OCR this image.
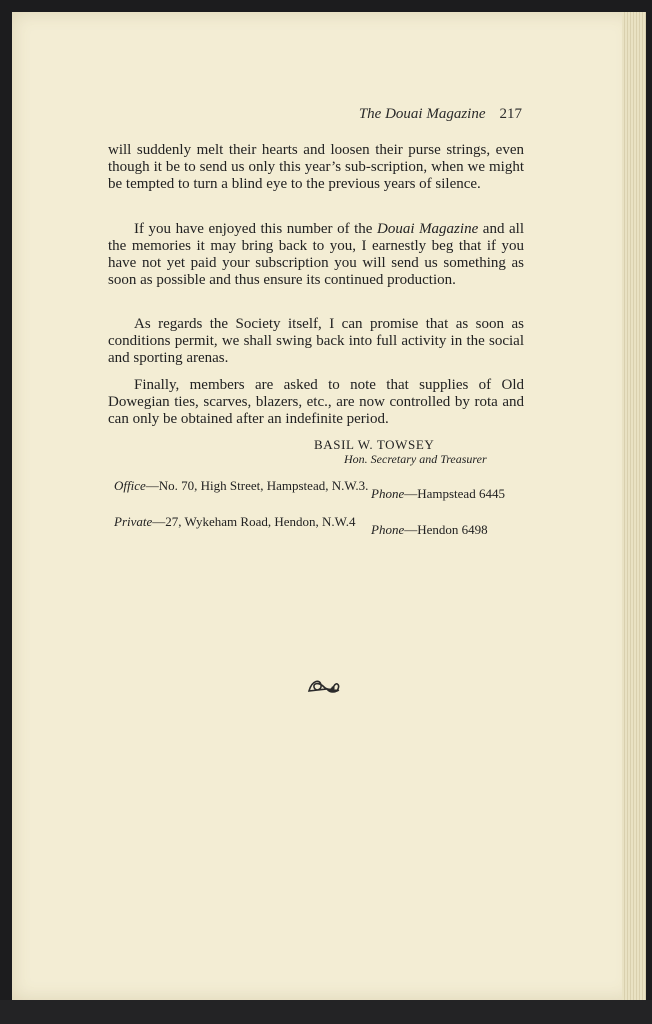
The Douai Magazine 217
will suddenly melt their hearts and loosen their purse strings, even though it be to send us only this year’s sub-scription, when we might be tempted to turn a blind eye to the previous years of silence.
If you have enjoyed this number of the Douai Magazine and all the memories it may bring back to you, I earnestly beg that if you have not yet paid your subscription you will send us something as soon as possible and thus ensure its continued production.
As regards the Society itself, I can promise that as soon as conditions permit, we shall swing back into full activity in the social and sporting arenas.
Finally, members are asked to note that supplies of Old Dowegian ties, scarves, blazers, etc., are now controlled by rota and can only be obtained after an indefinite period.
BASIL W. TOWSEY
Hon. Secretary and Treasurer
Office—No. 70, High Street, Hampstead, N.W.3.
Phone—Hampstead 6445
Private—27, Wykeham Road, Hendon, N.W.4
Phone—Hendon 6498
